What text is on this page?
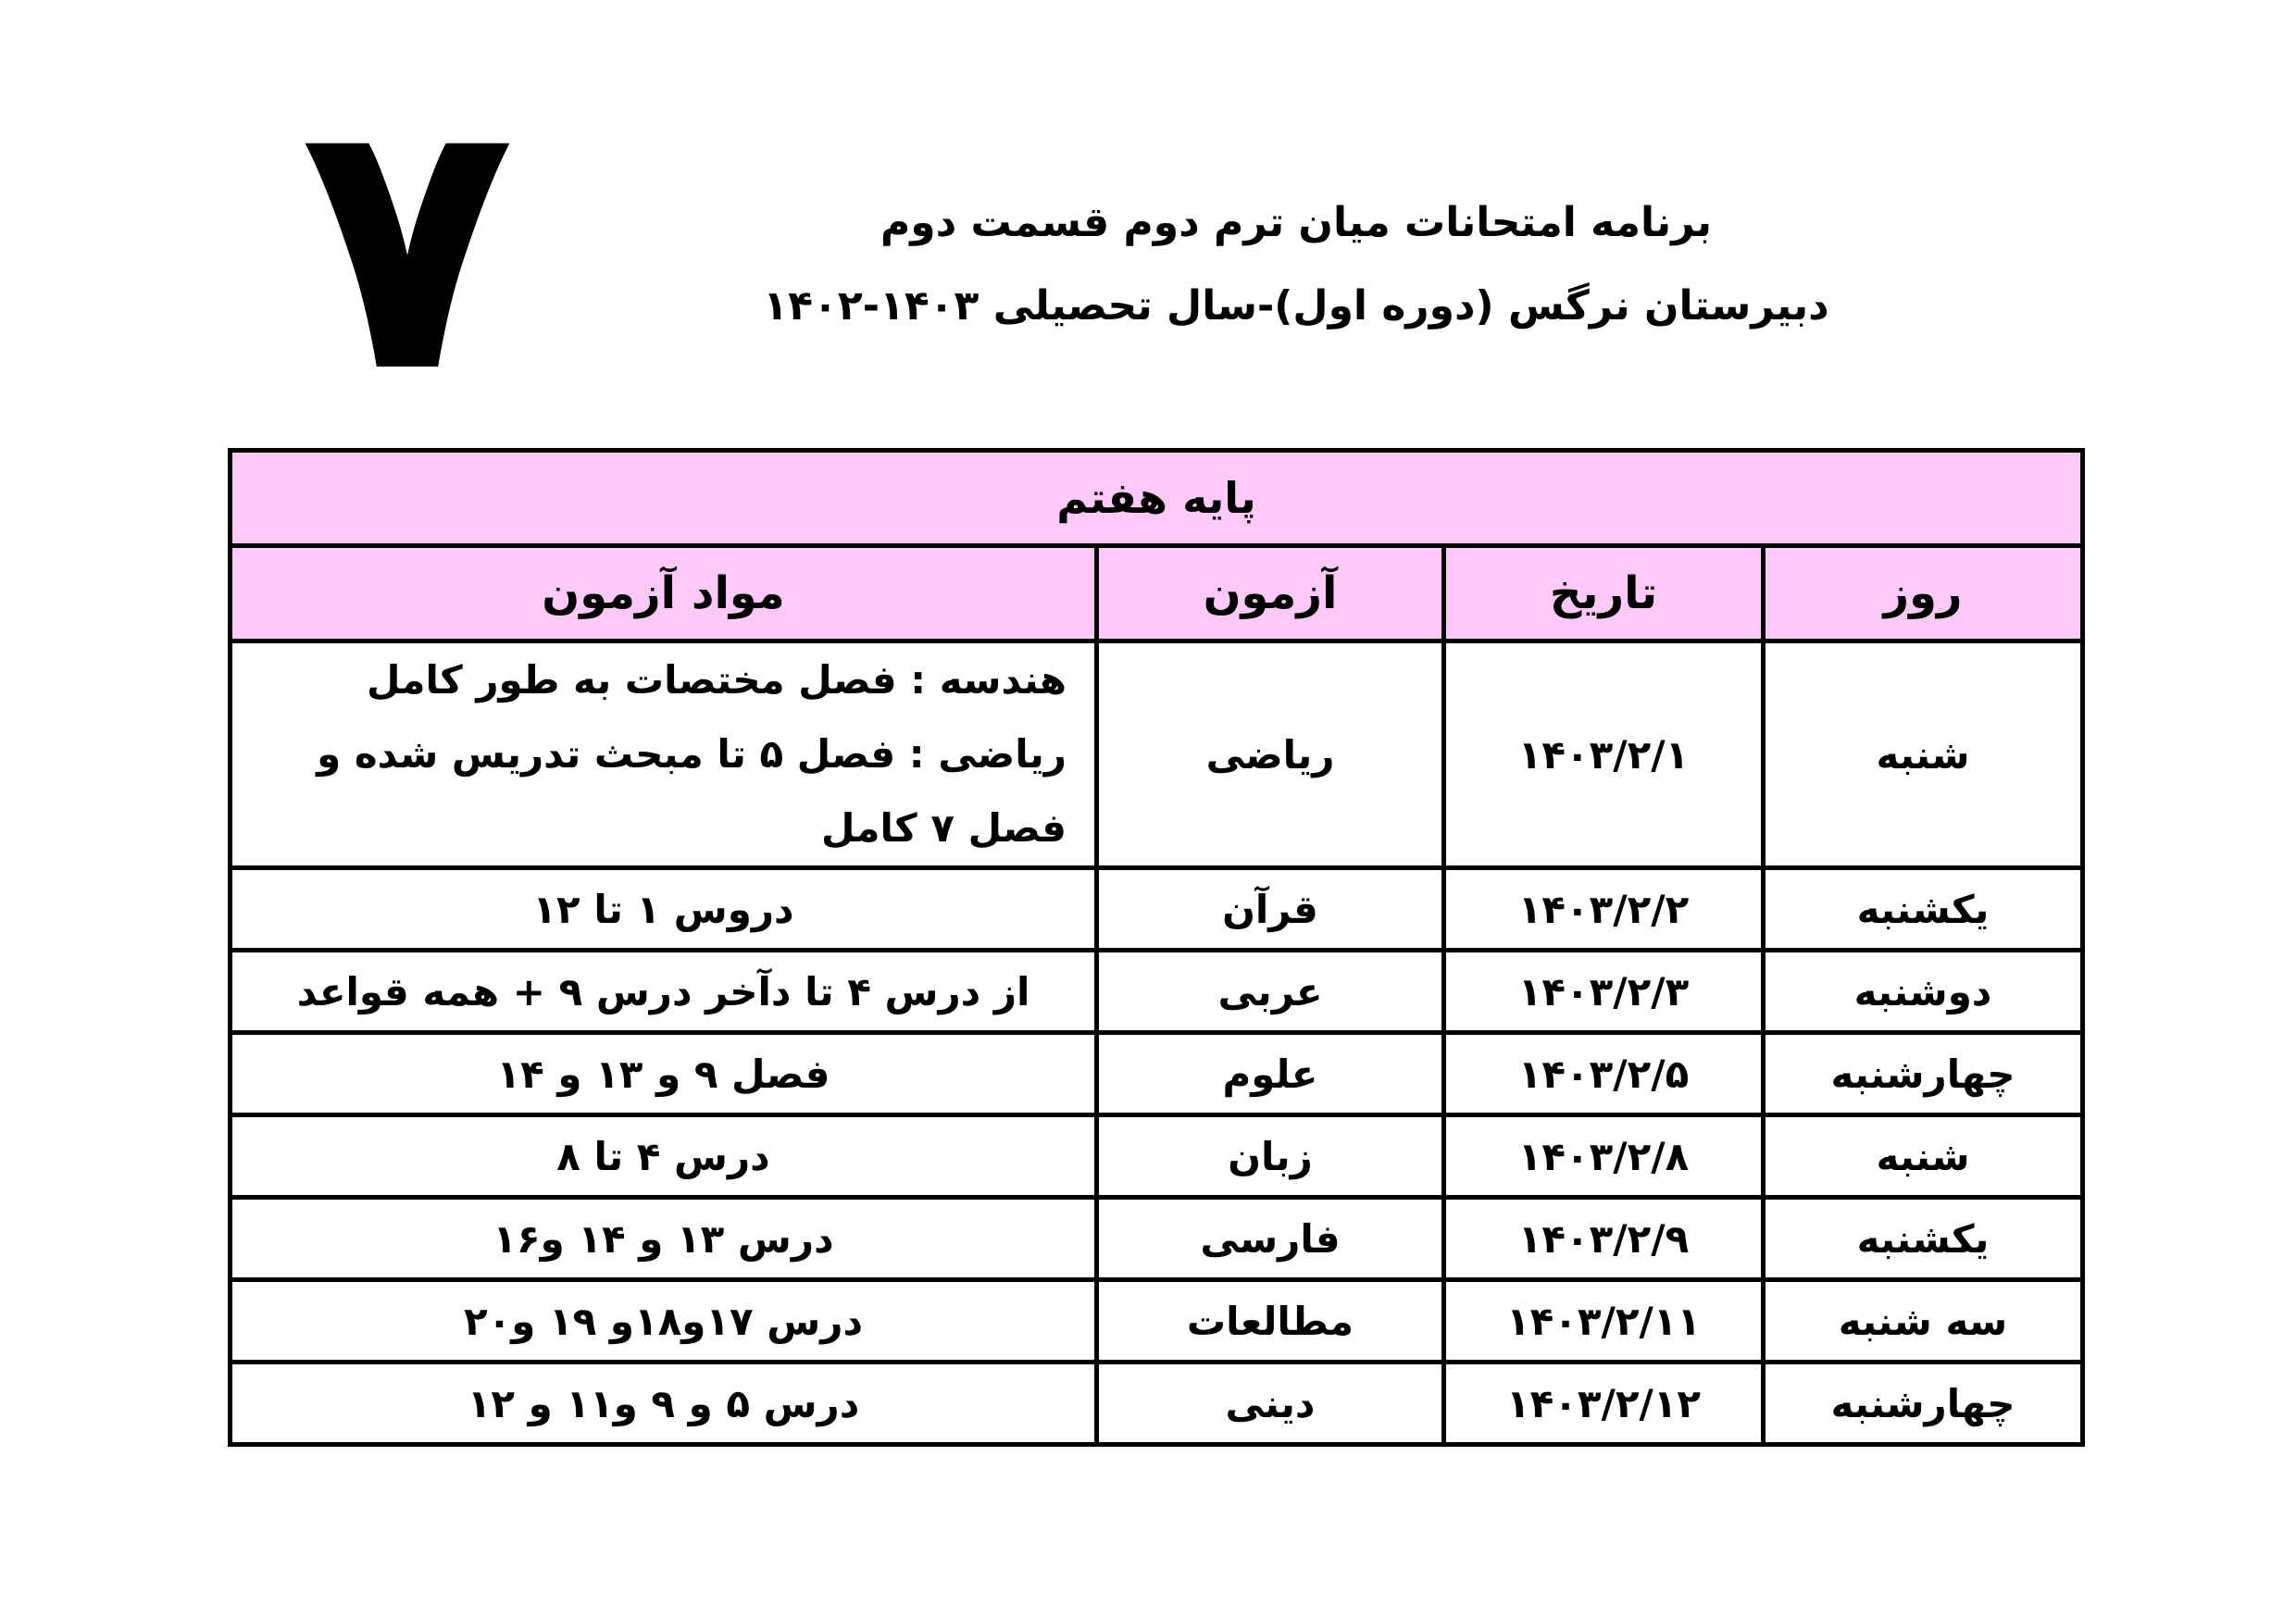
۷	برنامه امتحانات میان ترم دوم قسمت دوم
دبیرستان نرگس (دوره اول)-سال تحصیلی ۱۴۰۳-۱۴۰۲
پایه هفتم			
روز	تاریخ	آزمون	مواد آزمون
شنبه	۱۴۰۳/۲/۱	ریاضی	هندسه : فصل مختصات به طور کامل
ریاضی : فصل ۵ تا مبحث تدریس شده و فصل ۷ کامل

یکشنبه	۱۴۰۳/۲/۲	قرآن	دروس ۱ تا ۱۲
دوشنبه	۱۴۰۳/۲/۳	عربی	از درس ۴ تا دآخر درس ۹ + همه قواعد
چهارشنبه	۱۴۰۳/۲/۵	علوم	فصل ۹ و ۱۳ و ۱۴
شنبه	۱۴۰۳/۲/۸	زبان	درس ۴ تا ۸
یکشنبه	۱۴۰۳/۲/۹	فارسی	درس ۱۳ و ۱۴ و۱۶
سه شنبه	۱۴۰۳/۲/۱۱	مطالعات	درس ۱۷و۱۸و ۱۹ و۲۰
چهارشنبه	۱۴۰۳/۲/۱۲	دینی	درس ۵ و ۹ و۱۱ و ۱۲
